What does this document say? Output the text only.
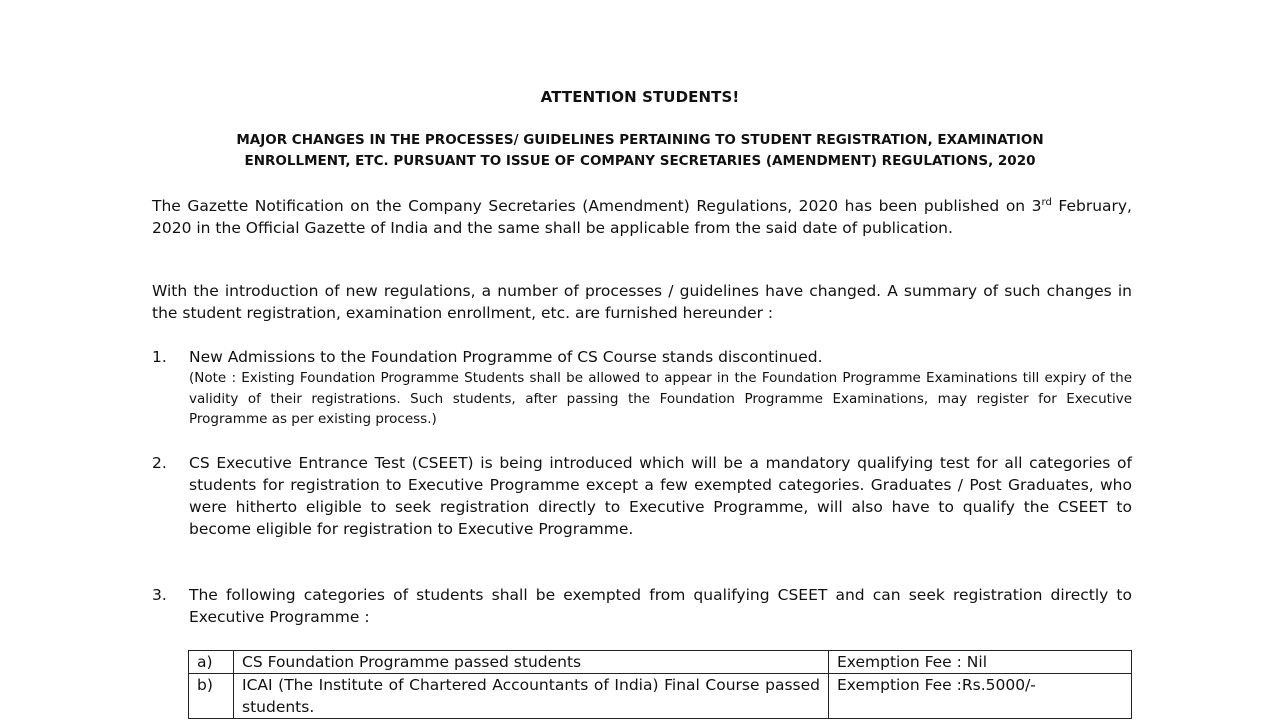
ATTENTION STUDENTS!
MAJOR CHANGES IN THE PROCESSES/ GUIDELINES PERTAINING TO STUDENT REGISTRATION, EXAMINATION
ENROLLMENT, ETC. PURSUANT TO ISSUE OF COMPANY SECRETARIES (AMENDMENT) REGULATIONS, 2020
The Gazette Notification on the Company Secretaries (Amendment) Regulations, 2020 has been published on 3rd February, 2020 in the Official Gazette of India and the same shall be applicable from the said date of publication.
With the introduction of new regulations, a number of processes / guidelines have changed. A summary of such changes in the student registration, examination enrollment, etc. are furnished hereunder :
1. New Admissions to the Foundation Programme of CS Course stands discontinued.
(Note : Existing Foundation Programme Students shall be allowed to appear in the Foundation Programme Examinations till expiry of the validity of their registrations. Such students, after passing the Foundation Programme Examinations, may register for Executive Programme as per existing process.)
2. CS Executive Entrance Test (CSEET) is being introduced which will be a mandatory qualifying test for all categories of students for registration to Executive Programme except a few exempted categories. Graduates / Post Graduates, who were hitherto eligible to seek registration directly to Executive Programme, will also have to qualify the CSEET to become eligible for registration to Executive Programme.
3. The following categories of students shall be exempted from qualifying CSEET and can seek registration directly to Executive Programme :
a)	CS Foundation Programme passed students	Exemption Fee : Nil
b)	ICAI (The Institute of Chartered Accountants of India) Final Course passed students.	Exemption Fee :Rs.5000/-
